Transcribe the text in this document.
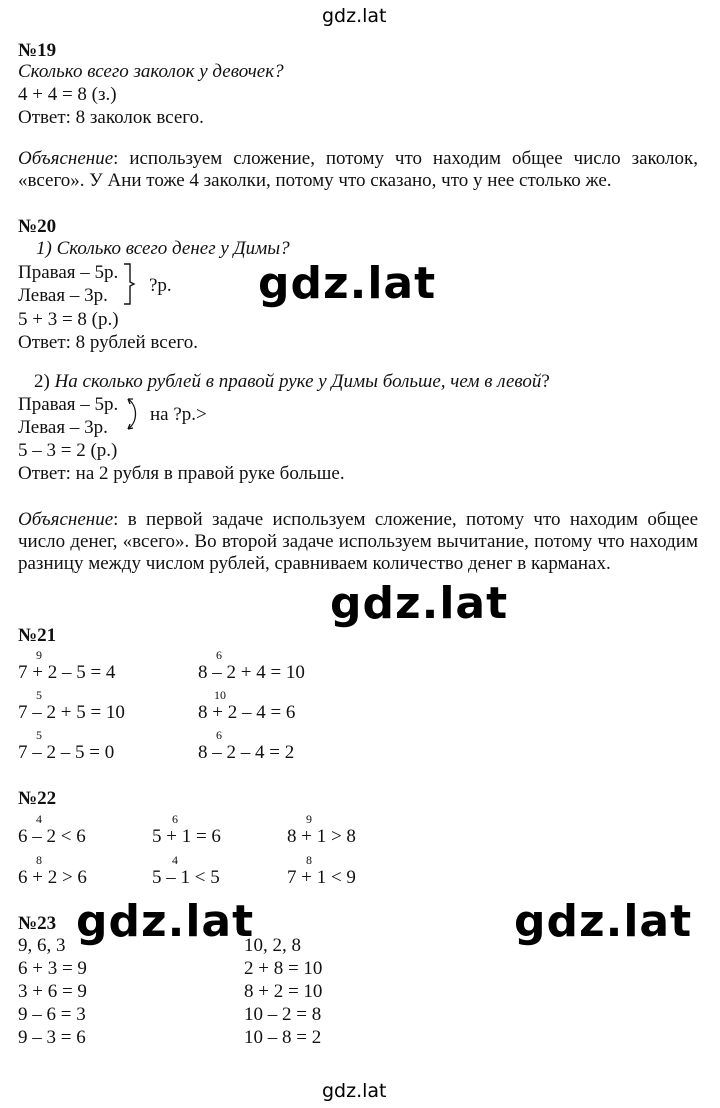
gdz.lat
№19
Сколько всего заколок у девочек?
4 + 4 = 8 (з.)
Ответ: 8 заколок всего.
Объяснение: используем сложение, потому что находим общее число заколок, «всего». У Ани тоже 4 заколки, потому что сказано, что у нее столько же.
№20
1) Сколько всего денег у Димы?
Правая – 5р.
Левая – 3р. ?р.
5 + 3 = 8 (р.)
Ответ: 8 рублей всего.
2) На сколько рублей в правой руке у Димы больше, чем в левой?
Правая – 5р.
Левая – 3р.
на ?р.>
5 – 3 = 2 (р.)
Ответ: на 2 рубля в правой руке больше.
Объяснение: в первой задаче используем сложение, потому что находим общее число денег, «всего». Во второй задаче используем вычитание, потому что находим разницу между числом рублей, сравниваем количество денег в карманах.
№21
9
7 + 2 – 5 = 4
6
8 – 2 + 4 = 10
5
7 – 2 + 5 = 10
10
8 + 2 – 4 = 6
5
7 – 2 – 5 = 0
6
8 – 2 – 4 = 2
№22
4
6 – 2 < 6
6
5 + 1 = 6
9
8 + 1 > 8
8
6 + 2 > 6
4
5 – 1 < 5
8
7 + 1 < 9
№23
9, 6, 3
6 + 3 = 9
3 + 6 = 9
9 – 6 = 3
9 – 3 = 6
10, 2, 8
2 + 8 = 10
8 + 2 = 10
10 – 2 = 8
10 – 8 = 2
gdz.lat
gdz.lat
gdz.lat	gdz.lat
gdz.lat
